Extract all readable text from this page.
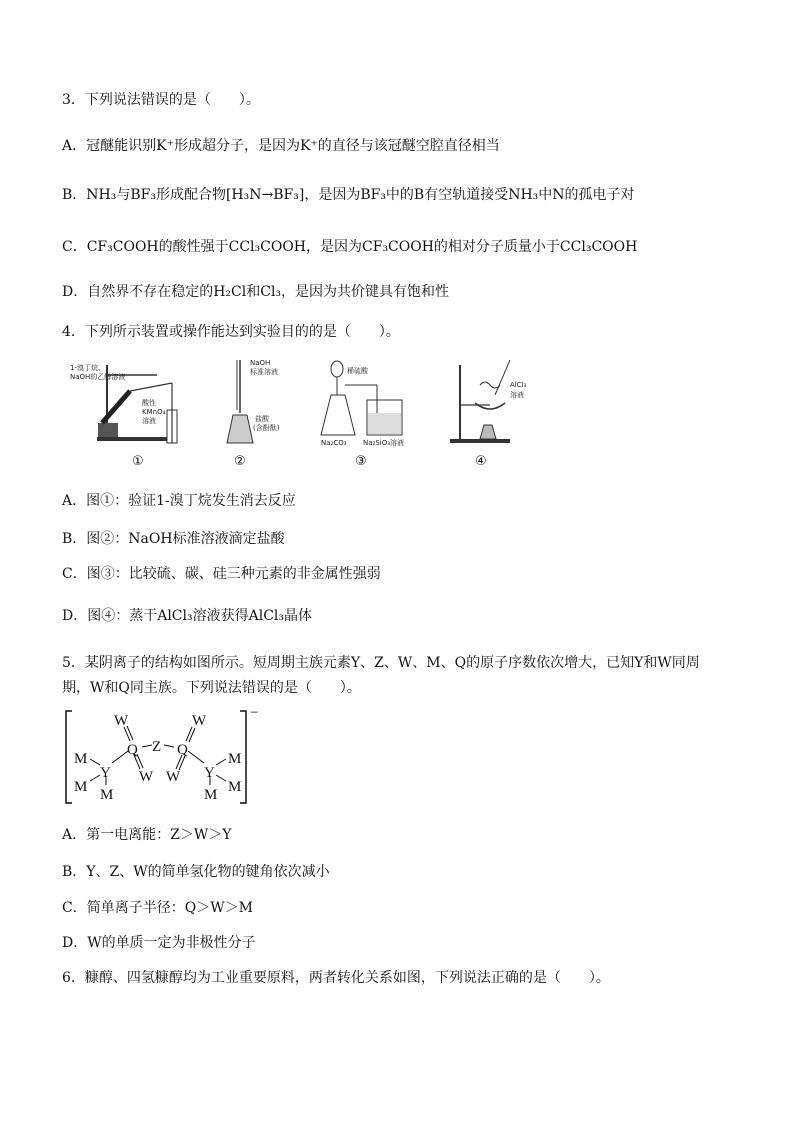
3．下列说法错误的是（　　）。
A．冠醚能识别K⁺形成超分子，是因为K⁺的直径与该冠醚空腔直径相当
B．NH₃与BF₃形成配合物[H₃N→BF₃]，是因为BF₃中的B有空轨道接受NH₃中N的孤电子对
C．CF₃COOH的酸性强于CCl₃COOH，是因为CF₃COOH的相对分子质量小于CCl₃COOH
D．自然界不存在稳定的H₂Cl和Cl₃，是因为共价键具有饱和性
4．下列所示装置或操作能达到实验目的的是（　　）。
1-溴丁烷、
NaOH的乙醇溶液
酸性
KMnO₄
溶液
①
NaOH
标准溶液
盐酸
(含酚酞)
②
稀硫酸
Na₂CO₃ Na₂SiO₃溶液
③
AlCl₃
溶液
④
A．图①：验证1-溴丁烷发生消去反应
B．图②：NaOH标准溶液滴定盐酸
C．图③：比较硫、碳、硅三种元素的非金属性强弱
D．图④：蒸干AlCl₃溶液获得AlCl₃晶体
5．某阴离子的结构如图所示。短周期主族元素Y、Z、W、M、Q的原子序数依次增大，已知Y和W同周
期，W和Q同主族。下列说法错误的是（　　）。
−
W
Q Z Q
W
W W
Y	Y
M
M M
M
M
M
A．第一电离能：Z＞W＞Y
B．Y、Z、W的简单氢化物的键角依次减小
C．简单离子半径：Q＞W＞M
D．W的单质一定为非极性分子
6．糠醇、四氢糠醇均为工业重要原料，两者转化关系如图，下列说法正确的是（　　）。
